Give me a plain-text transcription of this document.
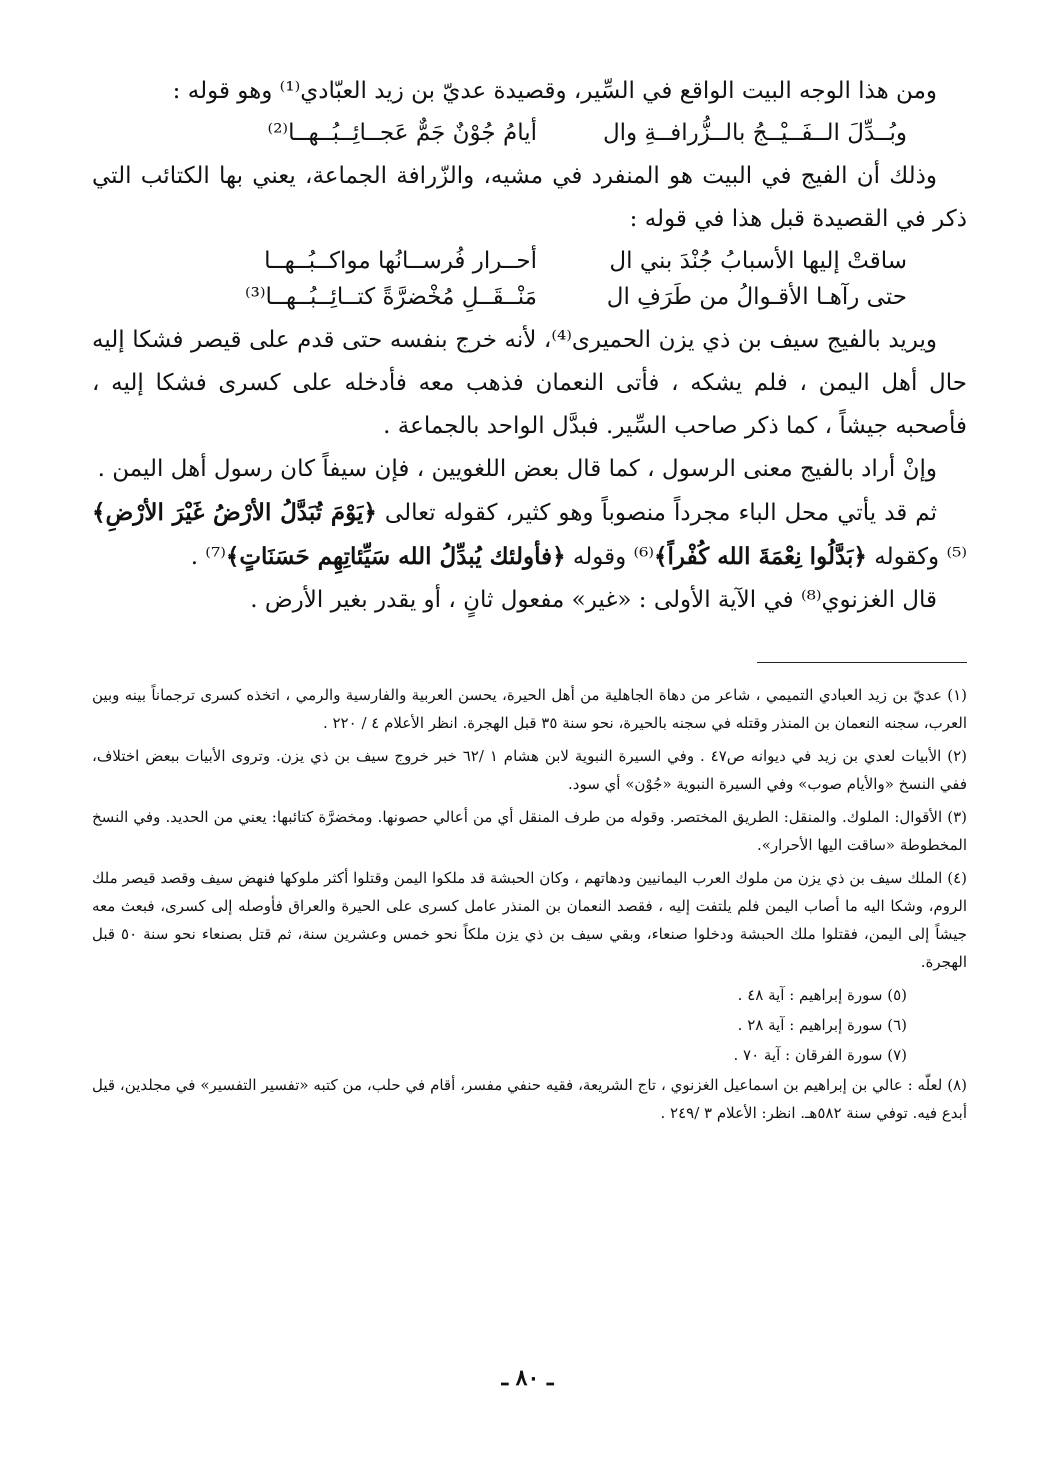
ومن هذا الوجه البيت الواقع في السِّير، وقصيدة عديّ بن زيد العبّادي⁽¹⁾ وهو قوله :

وبُــدِّلَ الــفَــيْــجُ بالــزُّرافــةِ وال
أيامُ جُوْنٌ جَمٌّ عَجــائِــبُــهــا⁽²⁾

وذلك أن الفيج في البيت هو المنفرد في مشيه، والزّرافة الجماعة، يعني بها الكتائب التي ذكر في القصيدة قبل هذا في قوله :

ساقتْ إليها الأسبابُ جُنْدَ بني ال
أحــرار فُرســانُها مواكــبُــهــا
حتى رآهـا الأقـوالُ من طَرَفِ ال
مَنْــقَــلِ مُخْضرَّةً كتــائِــبُــهــا⁽³⁾

ويريد بالفيج سيف بن ذي يزن الحميرى⁽⁴⁾، لأنه خرج بنفسه حتى قدم على قيصر فشكا إليه حال أهل اليمن ، فلم يشكه ، فأتى النعمان فذهب معه فأدخله على كسرى فشكا إليه ، فأصحبه جيشاً ، كما ذكر صاحب السِّير. فبدَّل الواحد بالجماعة .

وإنْ أراد بالفيج معنى الرسول ، كما قال بعض اللغويين ، فإن سيفاً كان رسول أهل اليمن .

ثم قد يأتي محل الباء مجرداً منصوباً وهو كثير، كقوله تعالى ﴿يَوْمَ تُبَدَّلُ الأرْضُ غَيْرَ الأرْضِ﴾⁽⁵⁾ وكقوله ﴿بَدَّلُوا نِعْمَةَ الله كُفْراً﴾⁽⁶⁾ وقوله ﴿فأولئك يُبدِّلُ الله سَيِّئاتِهِم حَسَنَاتٍ﴾⁽⁷⁾ .

قال الغزنوي⁽⁸⁾ في الآية الأولى : «غير» مفعول ثانٍ ، أو يقدر بغير الأرض .

(١) عديّ بن زيد العبادي التميمي ، شاعر من دهاة الجاهلية من أهل الحيرة، يحسن العربية والفارسية والرمي ، اتخذه كسرى ترجماناً بينه وبين العرب، سجنه النعمان بن المنذر وقتله في سجنه بالحيرة، نحو سنة ٣٥ قبل الهجرة. انظر الأعلام ٤ / ٢٢٠ .

(٢) الأبيات لعدي بن زيد في ديوانه ص٤٧ . وفي السيرة النبوية لابن هشام ١ /٦٢ خبر خروج سيف بن ذي يزن. وتروى الأبيات ببعض اختلاف، ففي النسخ «والأيام صوب» وفي السيرة النبوية «جُوْن» أي سود.

(٣) الأقوال: الملوك. والمنقل: الطريق المختصر. وقوله من طرف المنقل أي من أعالي حصونها. ومخضرَّة كتائبها: يعني من الحديد. وفي النسخ المخطوطة «ساقت اليها الأحرار».

(٤) الملك سيف بن ذي يزن من ملوك العرب اليمانيين ودهاتهم ، وكان الحبشة قد ملكوا اليمن وقتلوا أكثر ملوكها فنهض سيف وقصد قيصر ملك الروم، وشكا اليه ما أصاب اليمن فلم يلتفت إليه ، فقصد النعمان بن المنذر عامل كسرى على الحيرة والعراق فأوصله إلى كسرى، فبعث معه جيشاً إلى اليمن، فقتلوا ملك الحبشة ودخلوا صنعاء، وبقي سيف بن ذي يزن ملكاً نحو خمس وعشرين سنة، ثم قتل بصنعاء نحو سنة ٥٠ قبل الهجرة.

(٥) سورة إبراهيم : آية ٤٨ .

(٦) سورة إبراهيم : آية ٢٨ .

(٧) سورة الفرقان : آية ٧٠ .

(٨) لعلّه : عالي بن إبراهيم بن اسماعيل الغزنوي ، تاج الشريعة، فقيه حنفي مفسر، أقام في حلب، من كتبه «تفسير التفسير» في مجلدين، قيل أبدع فيه. توفي سنة ٥٨٢هـ. انظر: الأعلام ٣ /٢٤٩ .

ـ ٨٠ ـ
